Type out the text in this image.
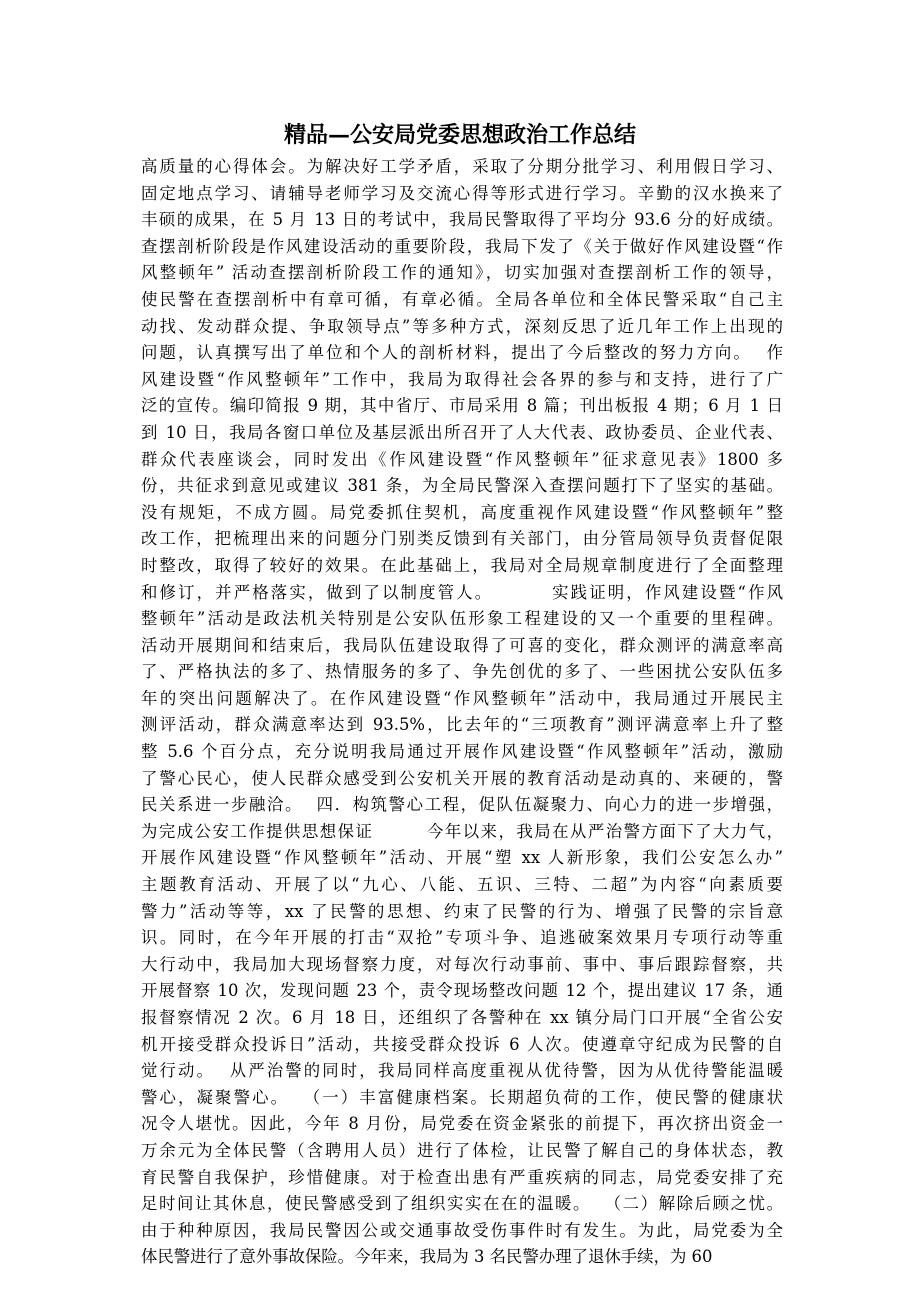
精品—公安局党委思想政治工作总结
高质量的心得体会。为解决好工学矛盾，采取了分期分批学习、利用假日学习、
固定地点学习、请辅导老师学习及交流心得等形式进行学习。辛勤的汉水换来了
丰硕的成果，在 5 月 13 日的考试中，我局民警取得了平均分 93.6 分的好成绩。
查摆剖析阶段是作风建设活动的重要阶段，我局下发了《关于做好作风建设暨“作
风整顿年” 活动查摆剖析阶段工作的通知》，切实加强对查摆剖析工作的领导，
使民警在查摆剖析中有章可循，有章必循。全局各单位和全体民警采取“自己主
动找、发动群众提、争取领导点”等多种方式，深刻反思了近几年工作上出现的
问题，认真撰写出了单位和个人的剖析材料，提出了今后整改的努力方向。  作
风建设暨“作风整顿年”工作中，我局为取得社会各界的参与和支持，进行了广
泛的宣传。编印简报 9 期，其中省厅、市局采用 8 篇；刊出板报 4 期；6 月 1 日
到 10 日，我局各窗口单位及基层派出所召开了人大代表、政协委员、企业代表、
群众代表座谈会，同时发出《作风建设暨“作风整顿年”征求意见表》1800 多
份，共征求到意见或建议 381 条，为全局民警深入查摆问题打下了坚实的基础。
没有规矩，不成方圆。局党委抓住契机，高度重视作风建设暨“作风整顿年”整
改工作，把梳理出来的问题分门别类反馈到有关部门，由分管局领导负责督促限
时整改，取得了较好的效果。在此基础上，我局对全局规章制度进行了全面整理
和修订，并严格落实，做到了以制度管人。        实践证明，作风建设暨“作风
整顿年”活动是政法机关特别是公安队伍形象工程建设的又一个重要的里程碑。
活动开展期间和结束后，我局队伍建设取得了可喜的变化，群众测评的满意率高
了、严格执法的多了、热情服务的多了、争先创优的多了、一些困扰公安队伍多
年的突出问题解决了。在作风建设暨“作风整顿年”活动中，我局通过开展民主
测评活动，群众满意率达到 93.5%，比去年的“三项教育”测评满意率上升了整
整 5.6 个百分点，充分说明我局通过开展作风建设暨“作风整顿年”活动，激励
了警心民心，使人民群众感受到公安机关开展的教育活动是动真的、来硬的，警
民关系进一步融洽。  四．构筑警心工程，促队伍凝聚力、向心力的进一步增强，
为完成公安工作提供思想保证        今年以来，我局在从严治警方面下了大力气，
开展作风建设暨“作风整顿年”活动、开展“塑 xx 人新形象，我们公安怎么办”
主题教育活动、开展了以“九心、八能、五识、三特、二超”为内容“向素质要
警力”活动等等，xx 了民警的思想、约束了民警的行为、增强了民警的宗旨意
识。同时，在今年开展的打击“双抢”专项斗争、追逃破案效果月专项行动等重
大行动中，我局加大现场督察力度，对每次行动事前、事中、事后跟踪督察，共
开展督察 10 次，发现问题 23 个，责令现场整改问题 12 个，提出建议 17 条，通
报督察情况 2 次。6 月 18 日，还组织了各警种在 xx 镇分局门口开展“全省公安
机开接受群众投诉日”活动，共接受群众投诉 6 人次。使遵章守纪成为民警的自
觉行动。  从严治警的同时，我局同样高度重视从优待警，因为从优待警能温暖
警心，凝聚警心。  （一）丰富健康档案。长期超负荷的工作，使民警的健康状
况令人堪忧。因此，今年 8 月份，局党委在资金紧张的前提下，再次挤出资金一
万余元为全体民警（含聘用人员）进行了体检，让民警了解自己的身体状态，教
育民警自我保护，珍惜健康。对于检查出患有严重疾病的同志，局党委安排了充
足时间让其休息，使民警感受到了组织实实在在的温暖。  （二）解除后顾之忧。
由于种种原因，我局民警因公或交通事故受伤事件时有发生。为此，局党委为全
体民警进行了意外事故保险。今年来，我局为 3 名民警办理了退休手续，为 60
